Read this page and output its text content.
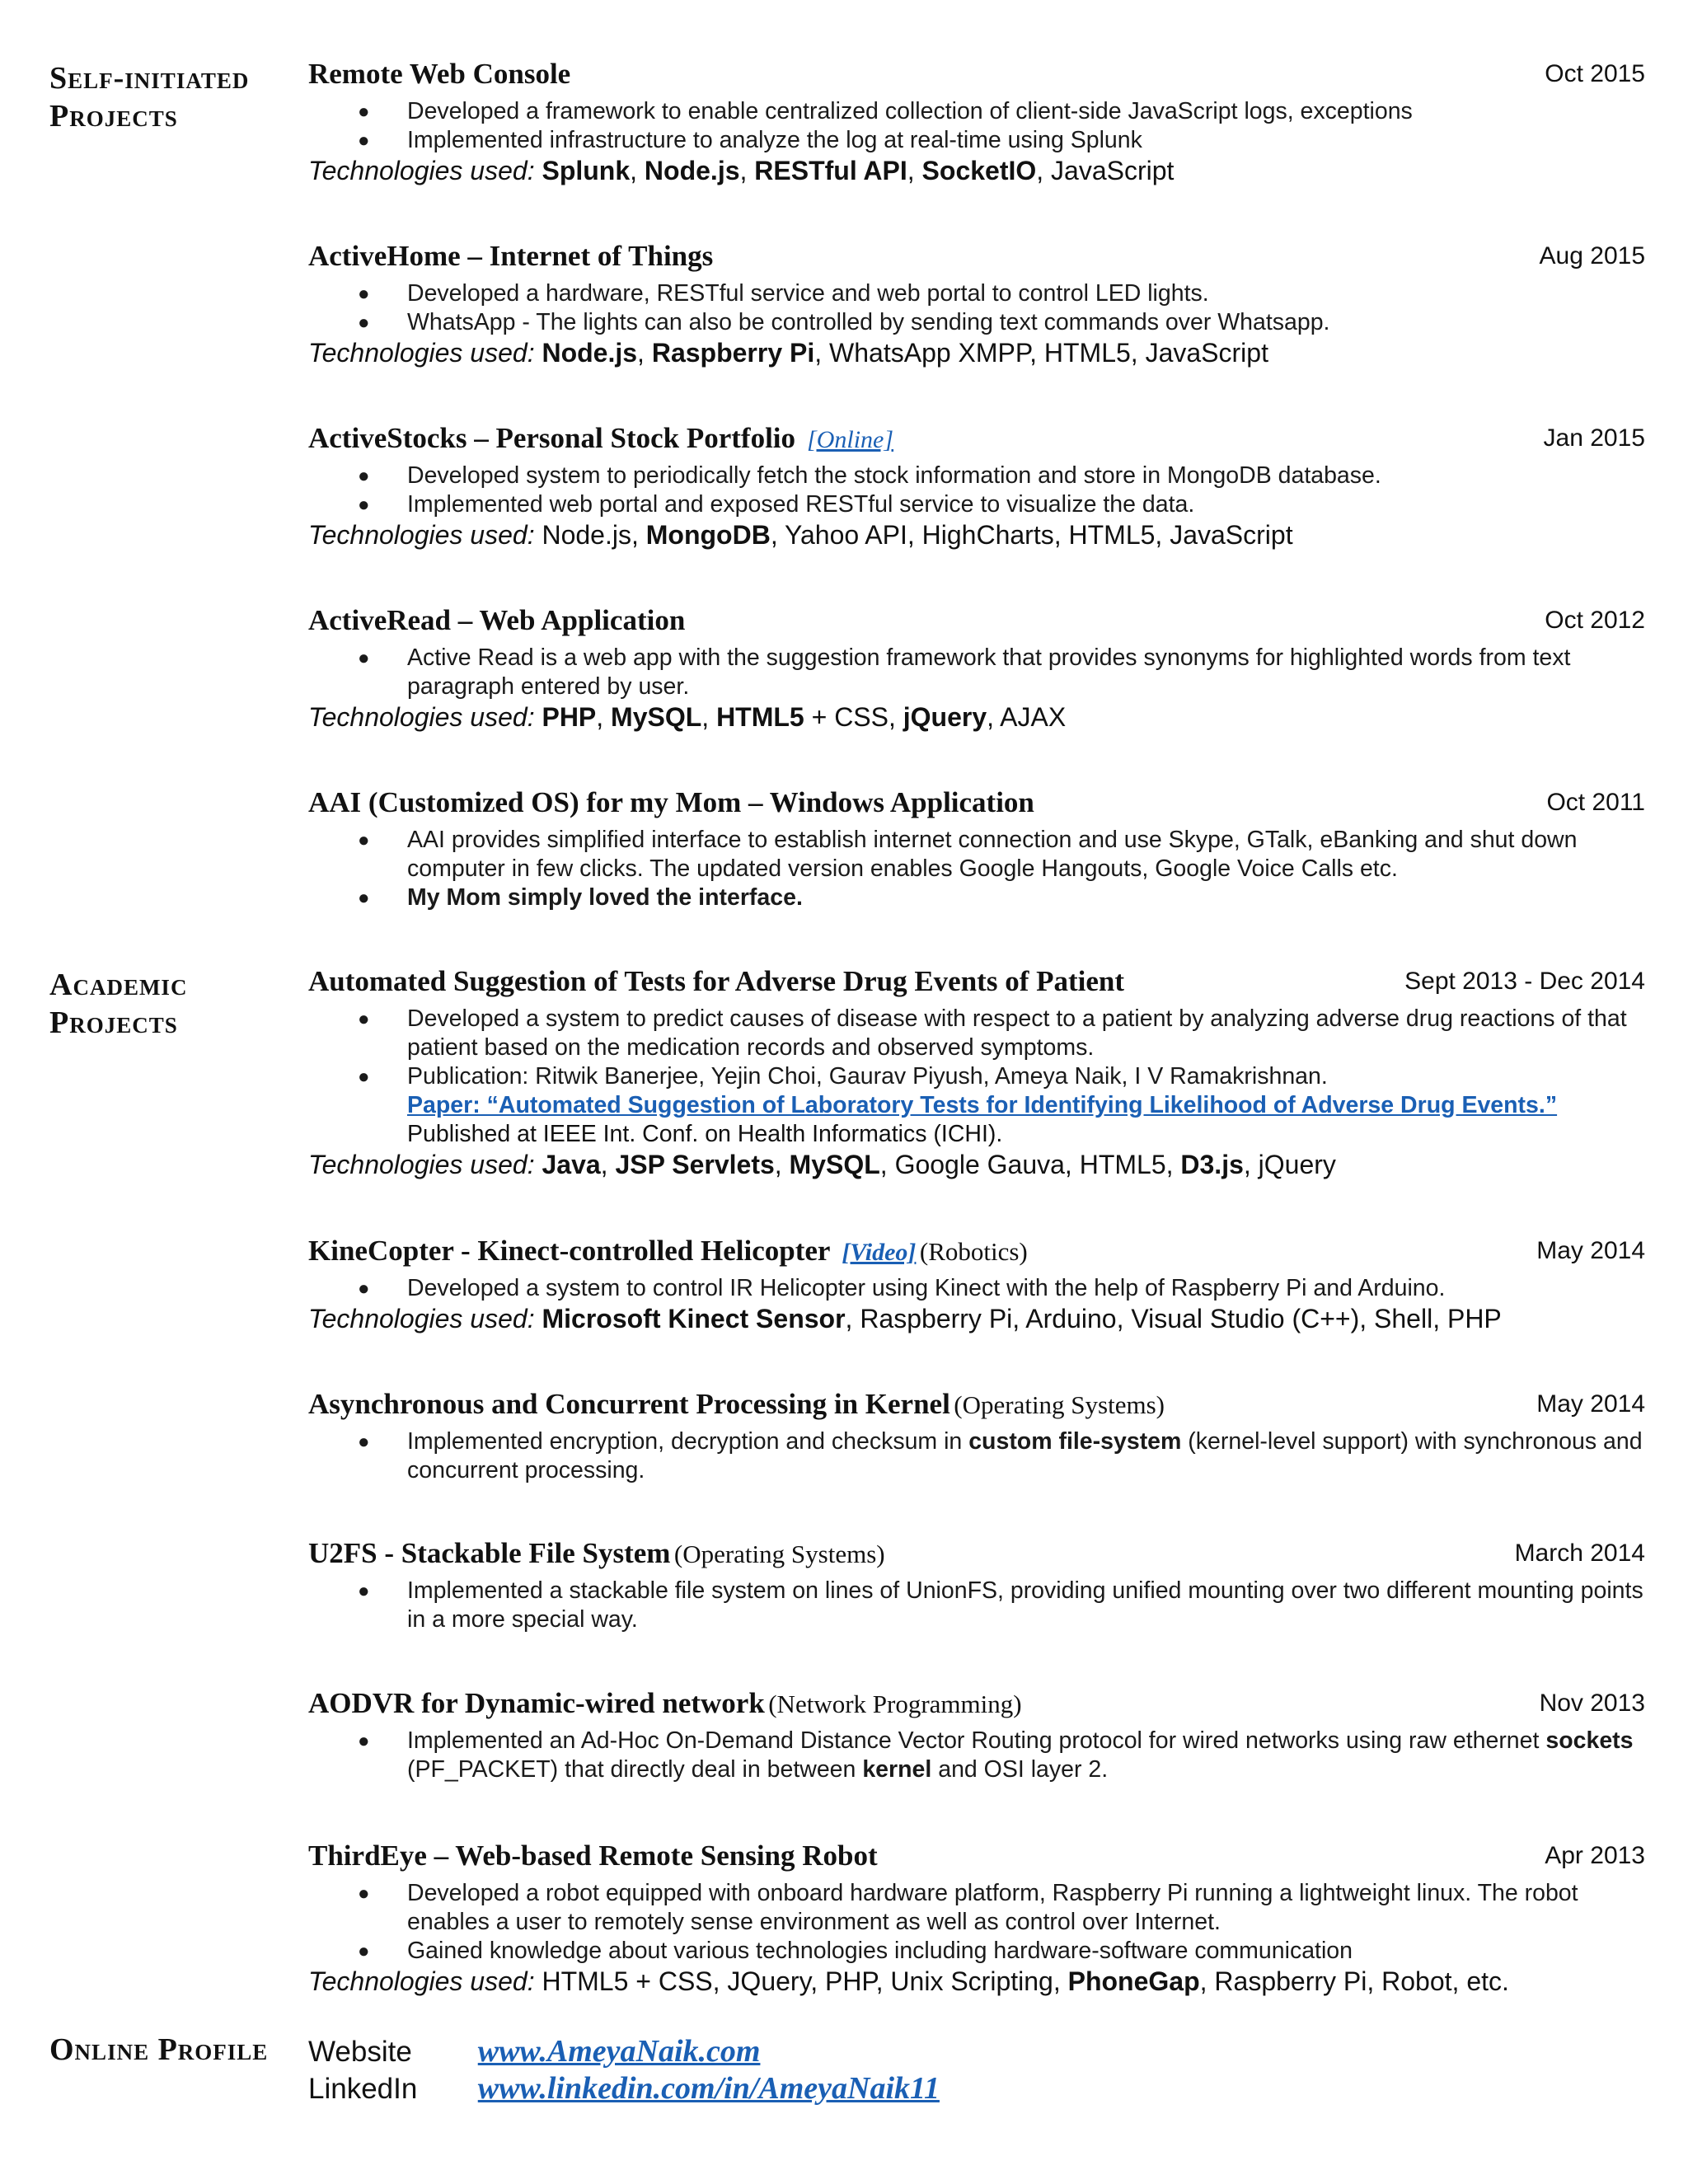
Self-initiated Projects
Academic Projects
Online Profile
Remote Web Console	Oct 2015
● Developed a framework to enable centralized collection of client-side JavaScript logs, exceptions
● Implemented infrastructure to analyze the log at real-time using Splunk
Technologies used: Splunk, Node.js, RESTful API, SocketIO, JavaScript
ActiveHome – Internet of Things	Aug 2015
● Developed a hardware, RESTful service and web portal to control LED lights.
● WhatsApp - The lights can also be controlled by sending text commands over Whatsapp.
Technologies used: Node.js, Raspberry Pi, WhatsApp XMPP, HTML5, JavaScript
ActiveStocks – Personal Stock Portfolio [Online]	Jan 2015
● Developed system to periodically fetch the stock information and store in MongoDB database.
● Implemented web portal and exposed RESTful service to visualize the data.
Technologies used: Node.js, MongoDB, Yahoo API, HighCharts, HTML5, JavaScript
ActiveRead – Web Application	Oct 2012
● Active Read is a web app with the suggestion framework that provides synonyms for highlighted words from text paragraph entered by user.
Technologies used: PHP, MySQL, HTML5 + CSS, jQuery, AJAX
AAI (Customized OS) for my Mom – Windows Application	Oct 2011
● AAI provides simplified interface to establish internet connection and use Skype, GTalk, eBanking and shut down computer in few clicks. The updated version enables Google Hangouts, Google Voice Calls etc.
● My Mom simply loved the interface.
Automated Suggestion of Tests for Adverse Drug Events of Patient	Sept 2013 - Dec 2014
● Developed a system to predict causes of disease with respect to a patient by analyzing adverse drug reactions of that patient based on the medication records and observed symptoms.
● Publication: Ritwik Banerjee, Yejin Choi, Gaurav Piyush, Ameya Naik, I V Ramakrishnan.
Paper: “Automated Suggestion of Laboratory Tests for Identifying Likelihood of Adverse Drug Events.”
Published at IEEE Int. Conf. on Health Informatics (ICHI).
Technologies used: Java, JSP Servlets, MySQL, Google Gauva, HTML5, D3.js, jQuery
KineCopter - Kinect-controlled Helicopter [Video] (Robotics)	May 2014
● Developed a system to control IR Helicopter using Kinect with the help of Raspberry Pi and Arduino.
Technologies used: Microsoft Kinect Sensor, Raspberry Pi, Arduino, Visual Studio (C++), Shell, PHP
Asynchronous and Concurrent Processing in Kernel (Operating Systems)	May 2014
● Implemented encryption, decryption and checksum in custom file-system (kernel-level support) with synchronous and concurrent processing.
U2FS - Stackable File System (Operating Systems)	March 2014
● Implemented a stackable file system on lines of UnionFS, providing unified mounting over two different mounting points in a more special way.
AODVR for Dynamic-wired network (Network Programming)	Nov 2013
● Implemented an Ad-Hoc On-Demand Distance Vector Routing protocol for wired networks using raw ethernet sockets (PF_PACKET) that directly deal in between kernel and OSI layer 2.
ThirdEye – Web-based Remote Sensing Robot	Apr 2013
● Developed a robot equipped with onboard hardware platform, Raspberry Pi running a lightweight linux. The robot enables a user to remotely sense environment as well as control over Internet.
● Gained knowledge about various technologies including hardware-software communication
Technologies used: HTML5 + CSS, JQuery, PHP, Unix Scripting, PhoneGap, Raspberry Pi, Robot, etc.
Website www.AmeyaNaik.com
LinkedIn www.linkedin.com/in/AmeyaNaik11
